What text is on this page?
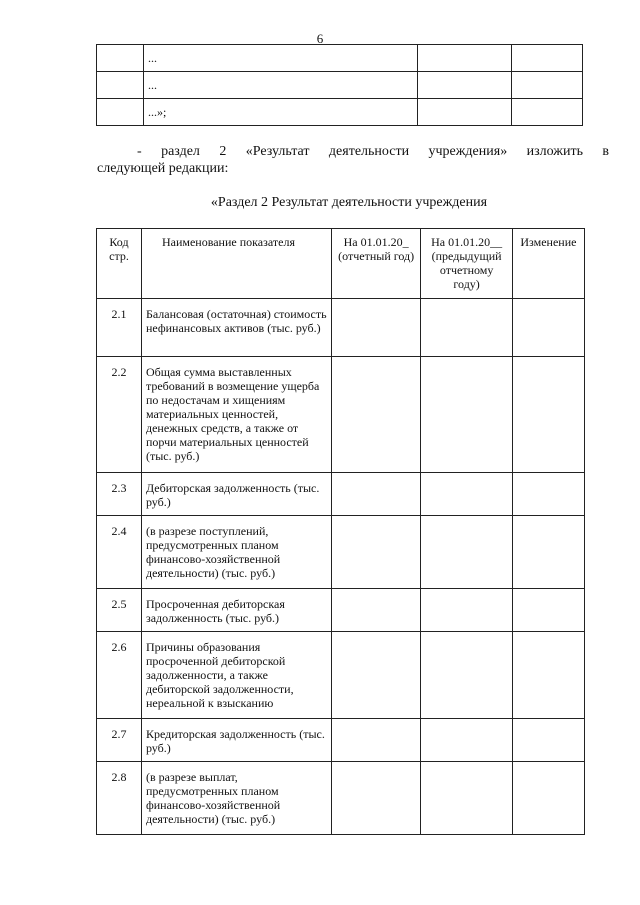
6
	...		
	...		
	...»;		
- раздел 2 «Результат деятельности учреждения» изложить в
следующей редакции:
«Раздел 2 Результат деятельности учреждения
Код стр.	Наименование показателя	На 01.01.20_ (отчетный год)	На 01.01.20__ (предыдущий отчетному году)	Изменение
2.1	Балансовая (остаточная) стоимость нефинансовых активов (тыс. руб.)			
2.2	Общая сумма выставленных требований в возмещение ущерба по недостачам и хищениям материальных ценностей, денежных средств, а также от порчи материальных ценностей (тыс. руб.)			
2.3	Дебиторская задолженность (тыс. руб.)			
2.4	(в разрезе поступлений, предусмотренных планом финансово-хозяйственной деятельности) (тыс. руб.)			
2.5	Просроченная дебиторская задолженность (тыс. руб.)			
2.6	Причины образования просроченной дебиторской задолженности, а также дебиторской задолженности, нереальной к взысканию			
2.7	Кредиторская задолженность (тыс. руб.)			
2.8	(в разрезе выплат, предусмотренных планом финансово-хозяйственной деятельности) (тыс. руб.)			
